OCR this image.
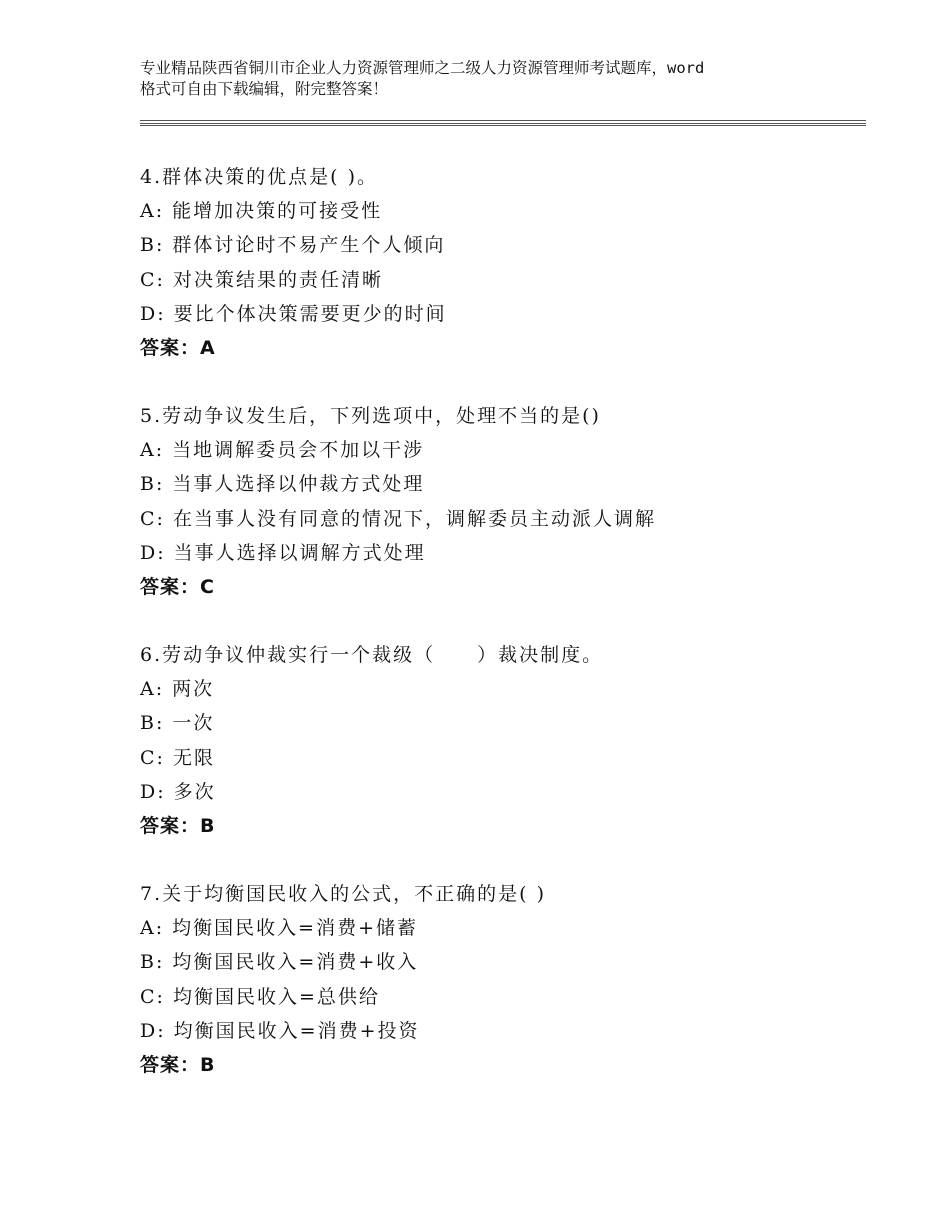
专业精品陕西省铜川市企业人力资源管理师之二级人力资源管理师考试题库，word
格式可自由下载编辑，附完整答案！
4.群体决策的优点是( )。
A: 能增加决策的可接受性
B: 群体讨论时不易产生个人倾向
C: 对决策结果的责任清晰
D: 要比个体决策需要更少的时间
答案：A
5.劳动争议发生后，下列选项中，处理不当的是()
A: 当地调解委员会不加以干涉
B: 当事人选择以仲裁方式处理
C: 在当事人没有同意的情况下，调解委员主动派人调解
D: 当事人选择以调解方式处理
答案：C
6.劳动争议仲裁实行一个裁级（　　）裁决制度。
A: 两次
B: 一次
C: 无限
D: 多次
答案：B
7.关于均衡国民收入的公式，不正确的是( )
A: 均衡国民收入=消费+储蓄
B: 均衡国民收入=消费+收入
C: 均衡国民收入=总供给
D: 均衡国民收入=消费+投资
答案：B
